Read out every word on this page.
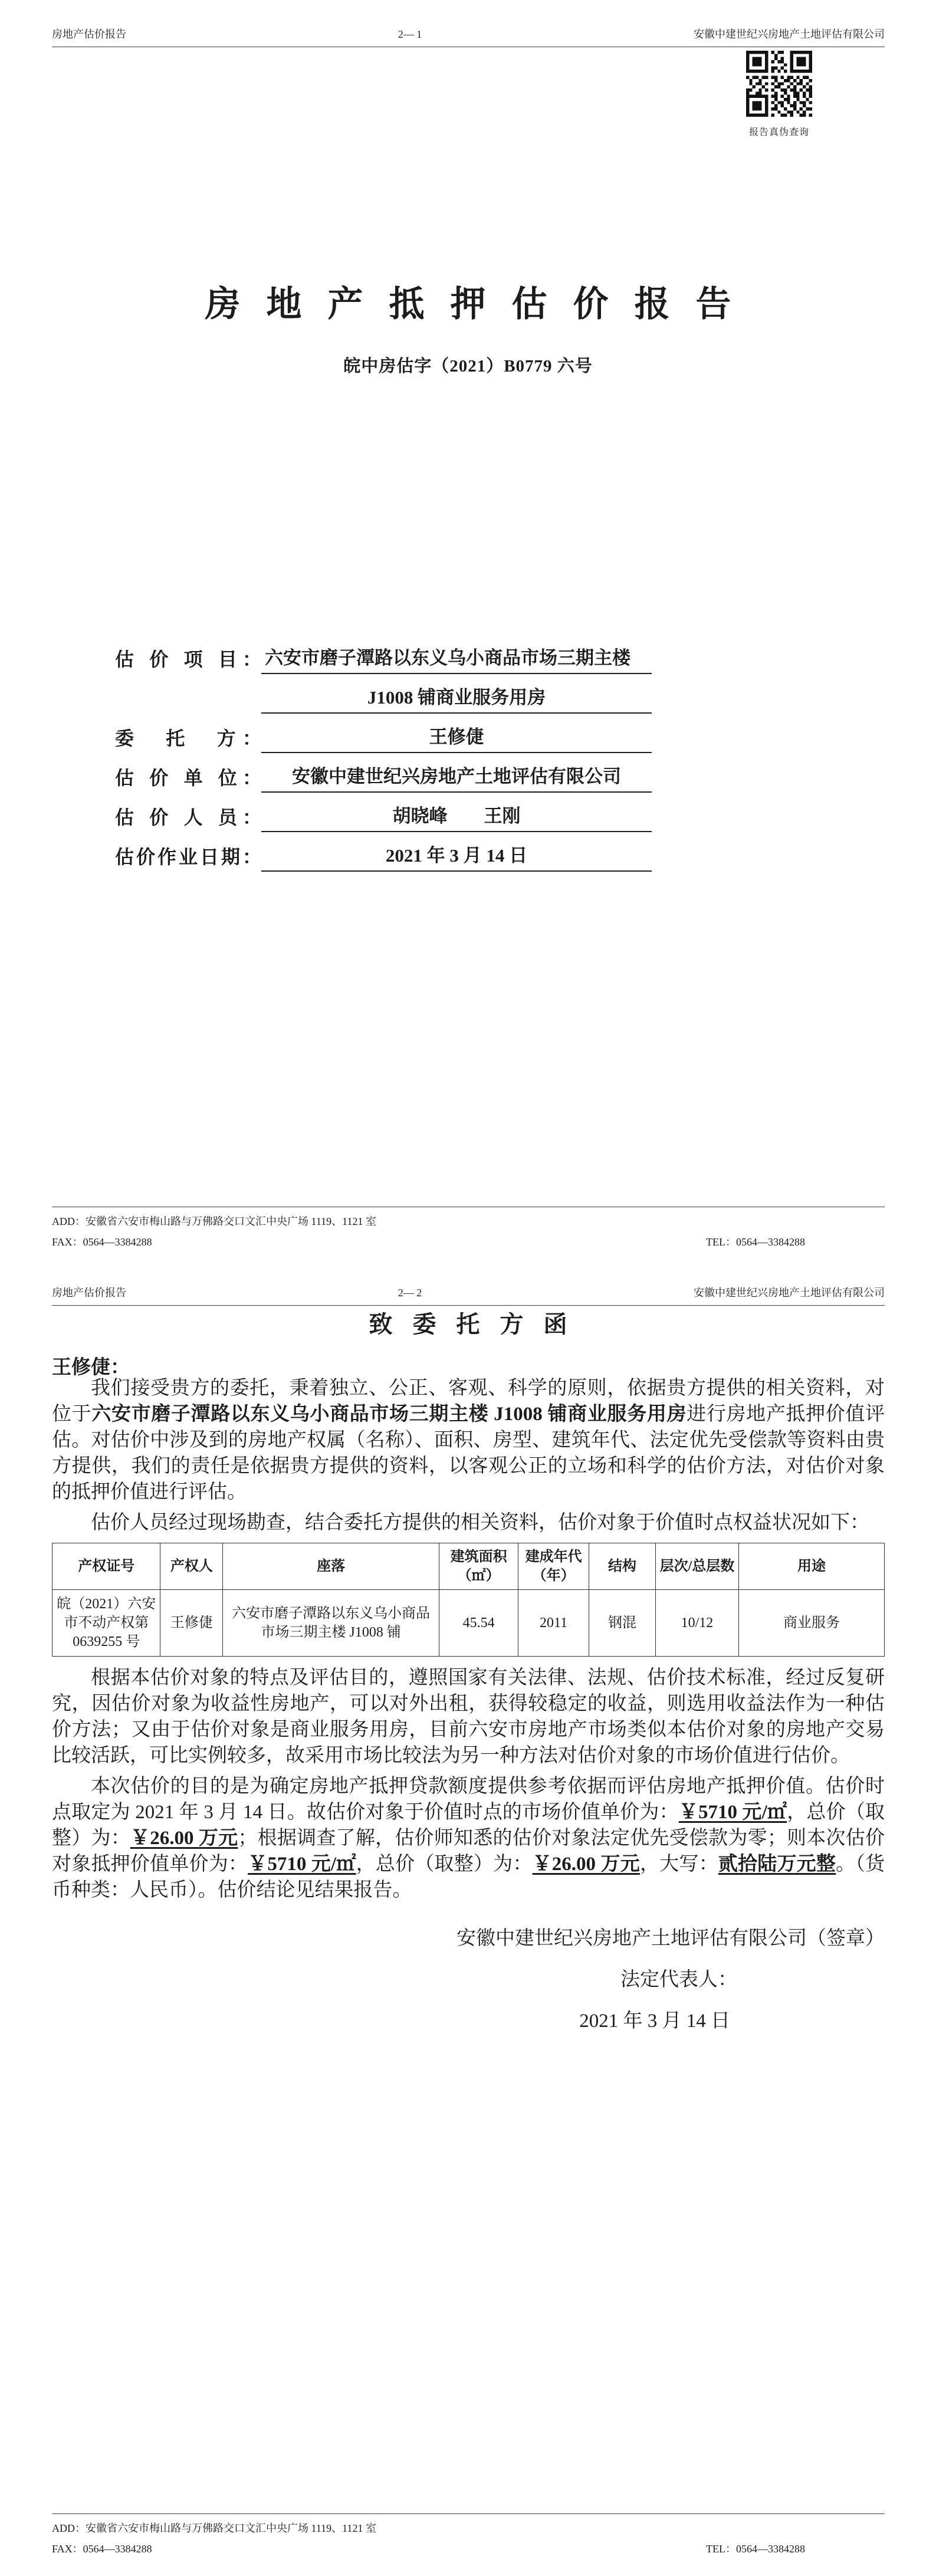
房地产估价报告	2— 1	安徽中建世纪兴房地产土地评估有限公司
报告真伪查询
房地产抵押估价报告
皖中房估字（2021）B0779 六号
估 价 项 目： 六安市磨子潭路以东义乌小商品市场三期主楼
J1008 铺商业服务用房
委　托　方：	王修倢
估 价 单 位：	安徽中建世纪兴房地产土地评估有限公司
估 价 人 员：	胡晓峰　　王刚
估价作业日期：	2021 年 3 月 14 日
ADD：安徽省六安市梅山路与万佛路交口文汇中央广场 1119、1121 室
FAX：0564—3384288	TEL：0564—3384288
房地产估价报告	2— 2	安徽中建世纪兴房地产土地评估有限公司
致委托方函
王修倢：

我们接受贵方的委托，秉着独立、公正、客观、科学的原则，依据贵方提供的相关资料，对位于六安市磨子潭路以东义乌小商品市场三期主楼 J1008 铺商业服务用房进行房地产抵押价值评估。对估价中涉及到的房地产权属（名称）、面积、房型、建筑年代、法定优先受偿款等资料由贵方提供，我们的责任是依据贵方提供的资料，以客观公正的立场和科学的估价方法，对估价对象的抵押价值进行评估。

估价人员经过现场勘查，结合委托方提供的相关资料，估价对象于价值时点权益状况如下：

产权证号	产权人	座落	建筑面积（㎡）	建成年代（年）	结构	层次/总层数	用途
皖（2021）六安市不动产权第 0639255 号	王修倢	六安市磨子潭路以东义乌小商品市场三期主楼 J1008 铺	45.54	2011	钢混	10/12	商业服务

根据本估价对象的特点及评估目的，遵照国家有关法律、法规、估价技术标准，经过反复研究，因估价对象为收益性房地产，可以对外出租，获得较稳定的收益，则选用收益法作为一种估价方法；又由于估价对象是商业服务用房，目前六安市房地产市场类似本估价对象的房地产交易比较活跃，可比实例较多，故采用市场比较法为另一种方法对估价对象的市场价值进行估价。

本次估价的目的是为确定房地产抵押贷款额度提供参考依据而评估房地产抵押价值。估价时点取定为 2021 年 3 月 14 日。故估价对象于价值时点的市场价值单价为：￥5710 元/㎡，总价（取整）为：￥26.00 万元；根据调查了解，估价师知悉的估价对象法定优先受偿款为零；则本次估价对象抵押价值单价为：￥5710 元/㎡，总价（取整）为：￥26.00 万元，大写：贰拾陆万元整。（货币种类：人民币）。估价结论见结果报告。

安徽中建世纪兴房地产土地评估有限公司（签章）
法定代表人：
2021 年 3 月 14 日
ADD：安徽省六安市梅山路与万佛路交口文汇中央广场 1119、1121 室
FAX：0564—3384288	TEL：0564—3384288
